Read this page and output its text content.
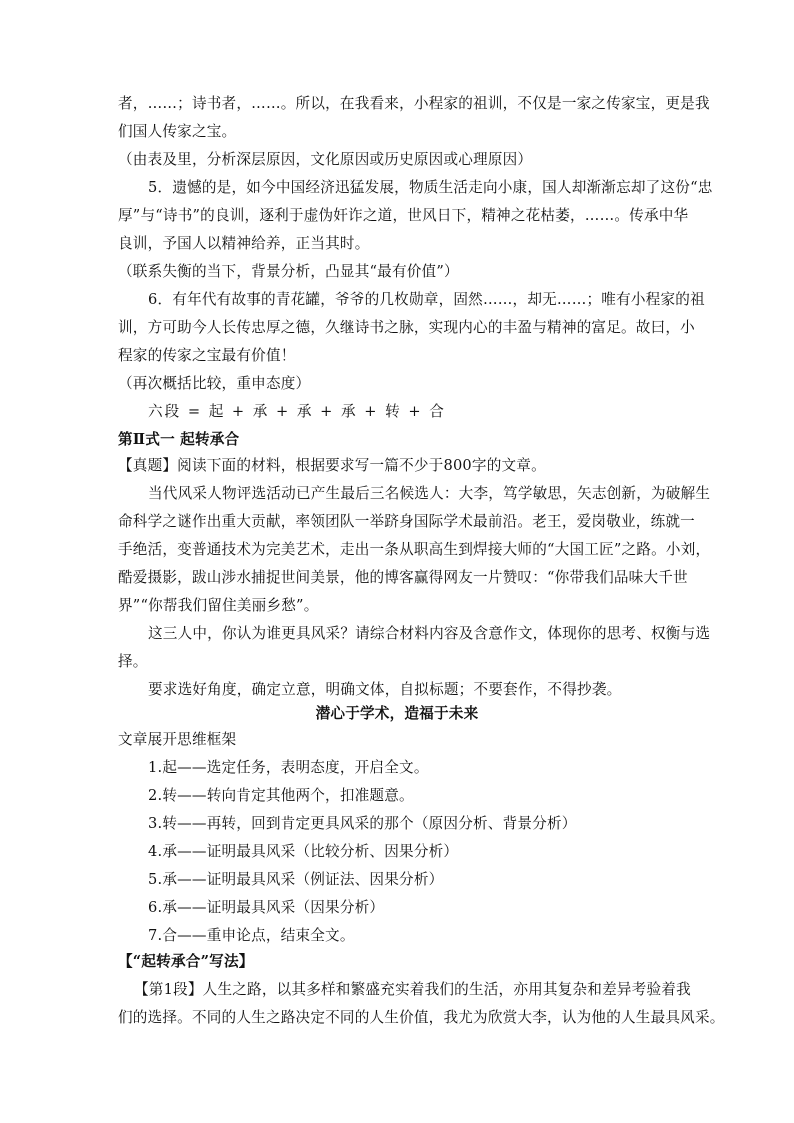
者，……；诗书者，……。所以，在我看来，小程家的祖训，不仅是一家之传家宝，更是我
们国人传家之宝。
（由表及里，分析深层原因，文化原因或历史原因或心理原因）
5．遗憾的是，如今中国经济迅猛发展，物质生活走向小康，国人却渐渐忘却了这份“忠
厚”与“诗书”的良训，逐利于虚伪奸诈之道，世风日下，精神之花枯萎，……。传承中华
良训，予国人以精神给养，正当其时。
（联系失衡的当下，背景分析，凸显其“最有价值”）
6．有年代有故事的青花罐，爷爷的几枚勋章，固然……，却无……；唯有小程家的祖
训，方可助今人长传忠厚之德，久继诗书之脉，实现内心的丰盈与精神的富足。故曰，小
程家的传家之宝最有价值！
（再次概括比较，重申态度）
六段 = 起 + 承 + 承 + 承 + 转 + 合
第Ⅱ式一 起转承合
【真题】阅读下面的材料，根据要求写一篇不少于800字的文章。
当代风采人物评选活动已产生最后三名候选人：大李，笃学敏思，矢志创新，为破解生
命科学之谜作出重大贡献，率领团队一举跻身国际学术最前沿。老王，爱岗敬业，练就一
手绝活，变普通技术为完美艺术，走出一条从职高生到焊接大师的“大国工匠”之路。小刘，
酷爱摄影，跋山涉水捕捉世间美景，他的博客赢得网友一片赞叹：“你带我们品味大千世
界”“你帮我们留住美丽乡愁”。
这三人中，你认为谁更具风采？请综合材料内容及含意作文，体现你的思考、权衡与选
择。
要求选好角度，确定立意，明确文体，自拟标题；不要套作，不得抄袭。
潜心于学术，造福于未来
文章展开思维框架
1.起——选定任务，表明态度，开启全文。
2.转——转向肯定其他两个，扣准题意。
3.转——再转，回到肯定更具风采的那个（原因分析、背景分析）
4.承——证明最具风采（比较分析、因果分析）
5.承——证明最具风采（例证法、因果分析）
6.承——证明最具风采（因果分析）
7.合——重申论点，结束全文。
【“起转承合”写法】
【第1段】人生之路，以其多样和繁盛充实着我们的生活，亦用其复杂和差异考验着我
们的选择。不同的人生之路决定不同的人生价值，我尤为欣赏大李，认为他的人生最具风采。
